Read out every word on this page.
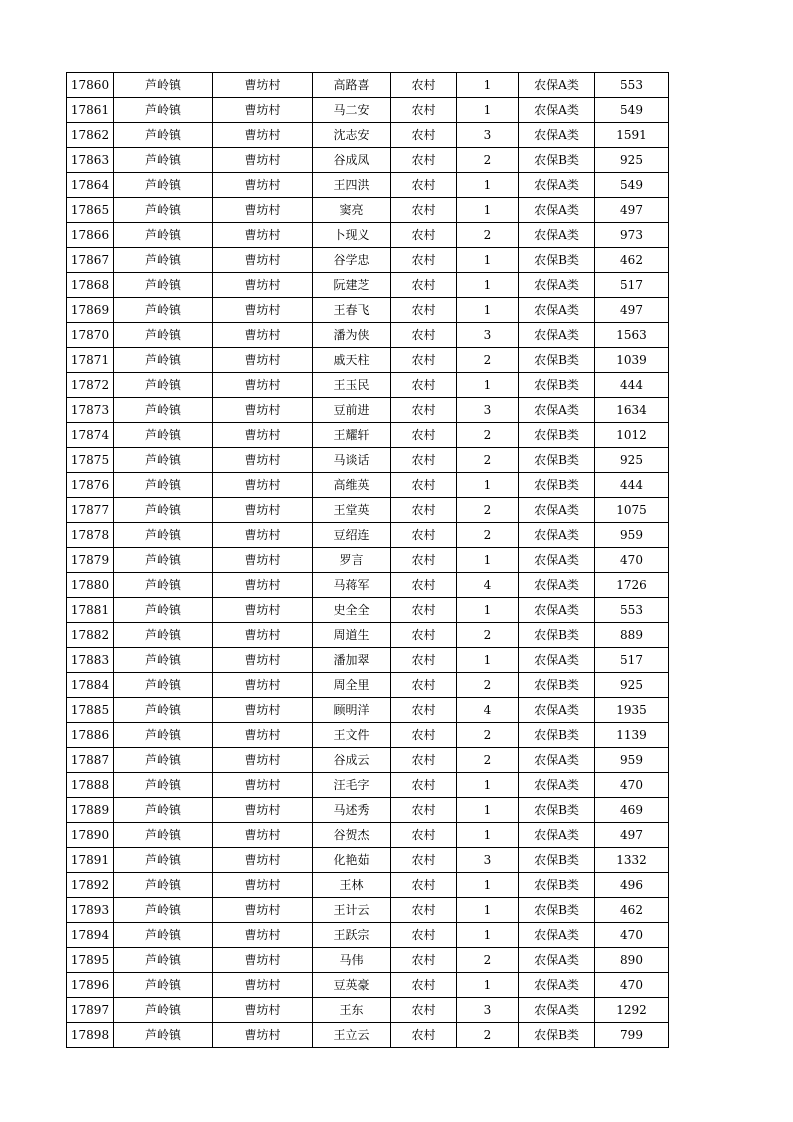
17860	芦岭镇	曹坊村	高路喜	农村	1	农保A类	553
17861	芦岭镇	曹坊村	马二安	农村	1	农保A类	549
17862	芦岭镇	曹坊村	沈志安	农村	3	农保A类	1591
17863	芦岭镇	曹坊村	谷成凤	农村	2	农保B类	925
17864	芦岭镇	曹坊村	王四洪	农村	1	农保A类	549
17865	芦岭镇	曹坊村	窦亮	农村	1	农保A类	497
17866	芦岭镇	曹坊村	卜现义	农村	2	农保A类	973
17867	芦岭镇	曹坊村	谷学忠	农村	1	农保B类	462
17868	芦岭镇	曹坊村	阮建芝	农村	1	农保A类	517
17869	芦岭镇	曹坊村	王春飞	农村	1	农保A类	497
17870	芦岭镇	曹坊村	潘为侠	农村	3	农保A类	1563
17871	芦岭镇	曹坊村	戚天柱	农村	2	农保B类	1039
17872	芦岭镇	曹坊村	王玉民	农村	1	农保B类	444
17873	芦岭镇	曹坊村	豆前进	农村	3	农保A类	1634
17874	芦岭镇	曹坊村	王耀轩	农村	2	农保B类	1012
17875	芦岭镇	曹坊村	马谈话	农村	2	农保B类	925
17876	芦岭镇	曹坊村	高维英	农村	1	农保B类	444
17877	芦岭镇	曹坊村	王堂英	农村	2	农保A类	1075
17878	芦岭镇	曹坊村	豆绍连	农村	2	农保A类	959
17879	芦岭镇	曹坊村	罗言	农村	1	农保A类	470
17880	芦岭镇	曹坊村	马蒋军	农村	4	农保A类	1726
17881	芦岭镇	曹坊村	史全全	农村	1	农保A类	553
17882	芦岭镇	曹坊村	周道生	农村	2	农保B类	889
17883	芦岭镇	曹坊村	潘加翠	农村	1	农保A类	517
17884	芦岭镇	曹坊村	周全里	农村	2	农保B类	925
17885	芦岭镇	曹坊村	顾明洋	农村	4	农保A类	1935
17886	芦岭镇	曹坊村	王文件	农村	2	农保B类	1139
17887	芦岭镇	曹坊村	谷成云	农村	2	农保A类	959
17888	芦岭镇	曹坊村	汪毛字	农村	1	农保A类	470
17889	芦岭镇	曹坊村	马述秀	农村	1	农保B类	469
17890	芦岭镇	曹坊村	谷贺杰	农村	1	农保A类	497
17891	芦岭镇	曹坊村	化艳茹	农村	3	农保B类	1332
17892	芦岭镇	曹坊村	王林	农村	1	农保B类	496
17893	芦岭镇	曹坊村	王计云	农村	1	农保B类	462
17894	芦岭镇	曹坊村	王跃宗	农村	1	农保A类	470
17895	芦岭镇	曹坊村	马伟	农村	2	农保A类	890
17896	芦岭镇	曹坊村	豆英豪	农村	1	农保A类	470
17897	芦岭镇	曹坊村	王东	农村	3	农保A类	1292
17898	芦岭镇	曹坊村	王立云	农村	2	农保B类	799
